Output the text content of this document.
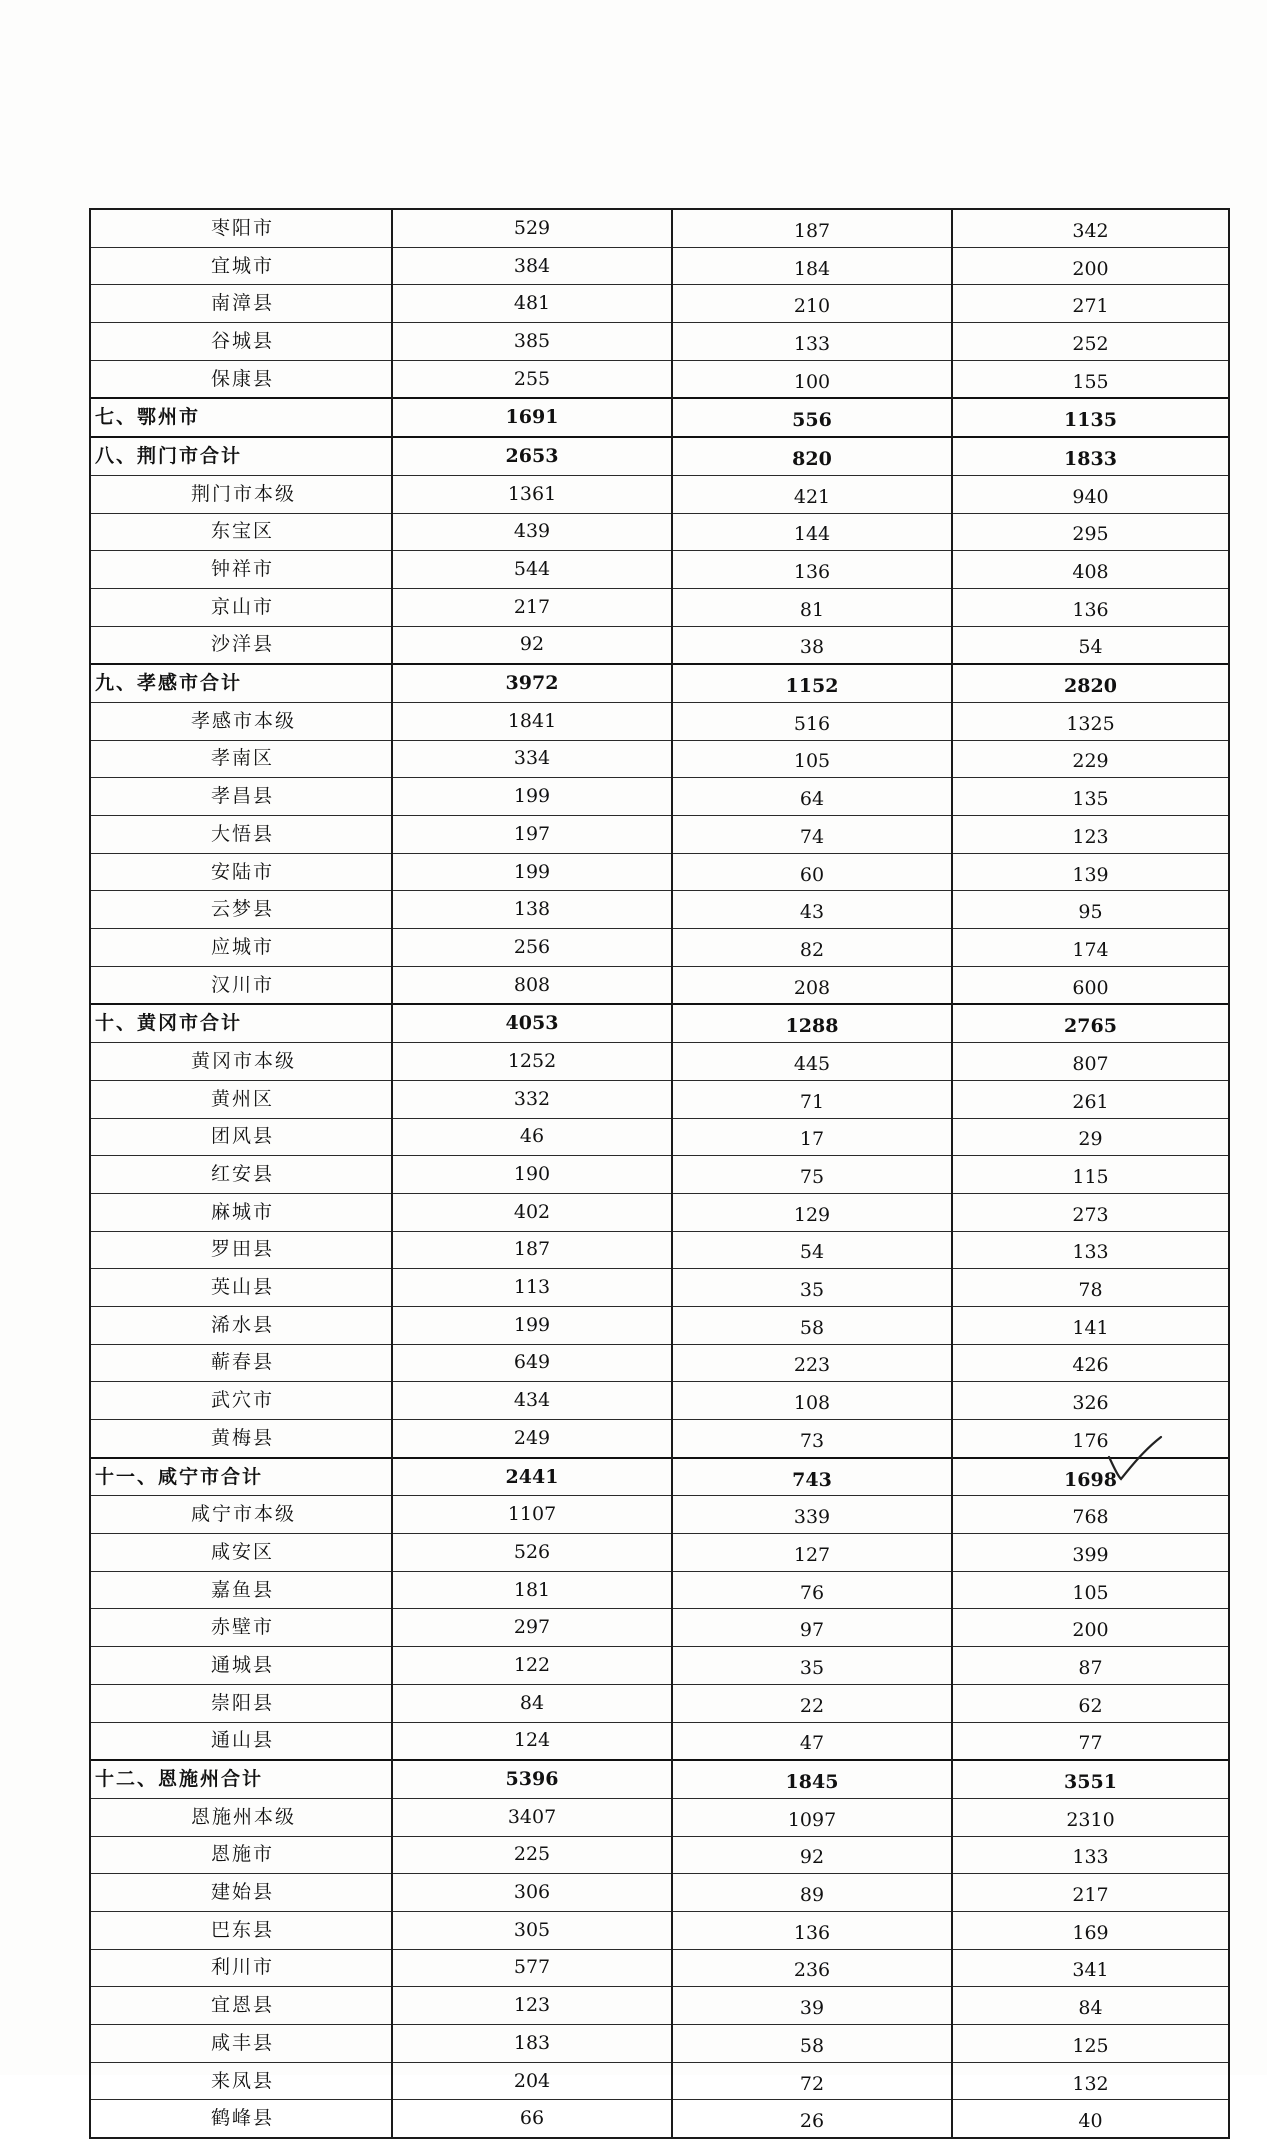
枣阳市	529	187	342
宜城市	384	184	200
南漳县	481	210	271
谷城县	385	133	252
保康县	255	100	155
七、鄂州市	1691	556	1135
八、荆门市合计	2653	820	1833
荆门市本级	1361	421	940
东宝区	439	144	295
钟祥市	544	136	408
京山市	217	81	136
沙洋县	92	38	54
九、孝感市合计	3972	1152	2820
孝感市本级	1841	516	1325
孝南区	334	105	229
孝昌县	199	64	135
大悟县	197	74	123
安陆市	199	60	139
云梦县	138	43	95
应城市	256	82	174
汉川市	808	208	600
十、黄冈市合计	4053	1288	2765
黄冈市本级	1252	445	807
黄州区	332	71	261
团风县	46	17	29
红安县	190	75	115
麻城市	402	129	273
罗田县	187	54	133
英山县	113	35	78
浠水县	199	58	141
蕲春县	649	223	426
武穴市	434	108	326
黄梅县	249	73	176
十一、咸宁市合计	2441	743	1698
咸宁市本级	1107	339	768
咸安区	526	127	399
嘉鱼县	181	76	105
赤壁市	297	97	200
通城县	122	35	87
崇阳县	84	22	62
通山县	124	47	77
十二、恩施州合计	5396	1845	3551
恩施州本级	3407	1097	2310
恩施市	225	92	133
建始县	306	89	217
巴东县	305	136	169
利川市	577	236	341
宜恩县	123	39	84
咸丰县	183	58	125
来凤县	204	72	132
鹤峰县	66	26	40
